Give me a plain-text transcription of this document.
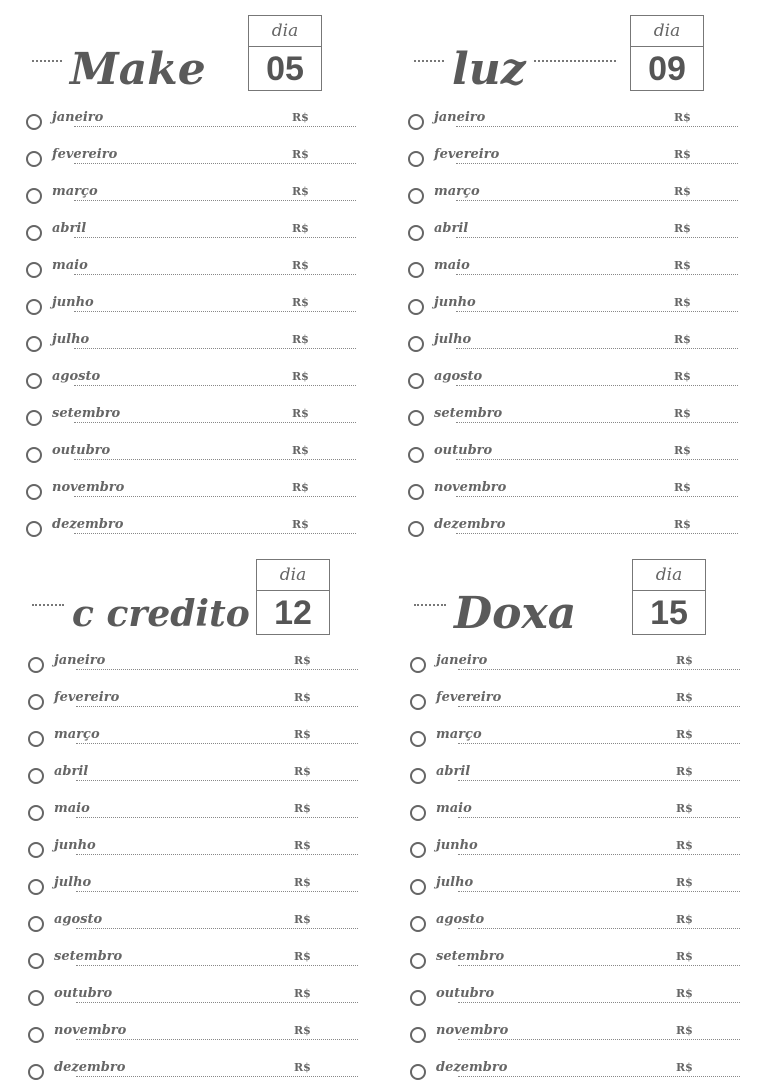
Make
dia
05
janeiro	R$
fevereiro	R$
março	R$
abril	R$
maio	R$
junho	R$
julho	R$
agosto	R$
setembro	R$
outubro	R$
novembro	R$
dezembro	R$
luz
dia
09
janeiro	R$
fevereiro	R$
março	R$
abril	R$
maio	R$
junho	R$
julho	R$
agosto	R$
setembro	R$
outubro	R$
novembro	R$
dezembro	R$
c credito
dia
12
janeiro	R$
fevereiro	R$
março	R$
abril	R$
maio	R$
junho	R$
julho	R$
agosto	R$
setembro	R$
outubro	R$
novembro	R$
dezembro	R$
Doxa
dia
15
janeiro	R$
fevereiro	R$
março	R$
abril	R$
maio	R$
junho	R$
julho	R$
agosto	R$
setembro	R$
outubro	R$
novembro	R$
dezembro	R$
